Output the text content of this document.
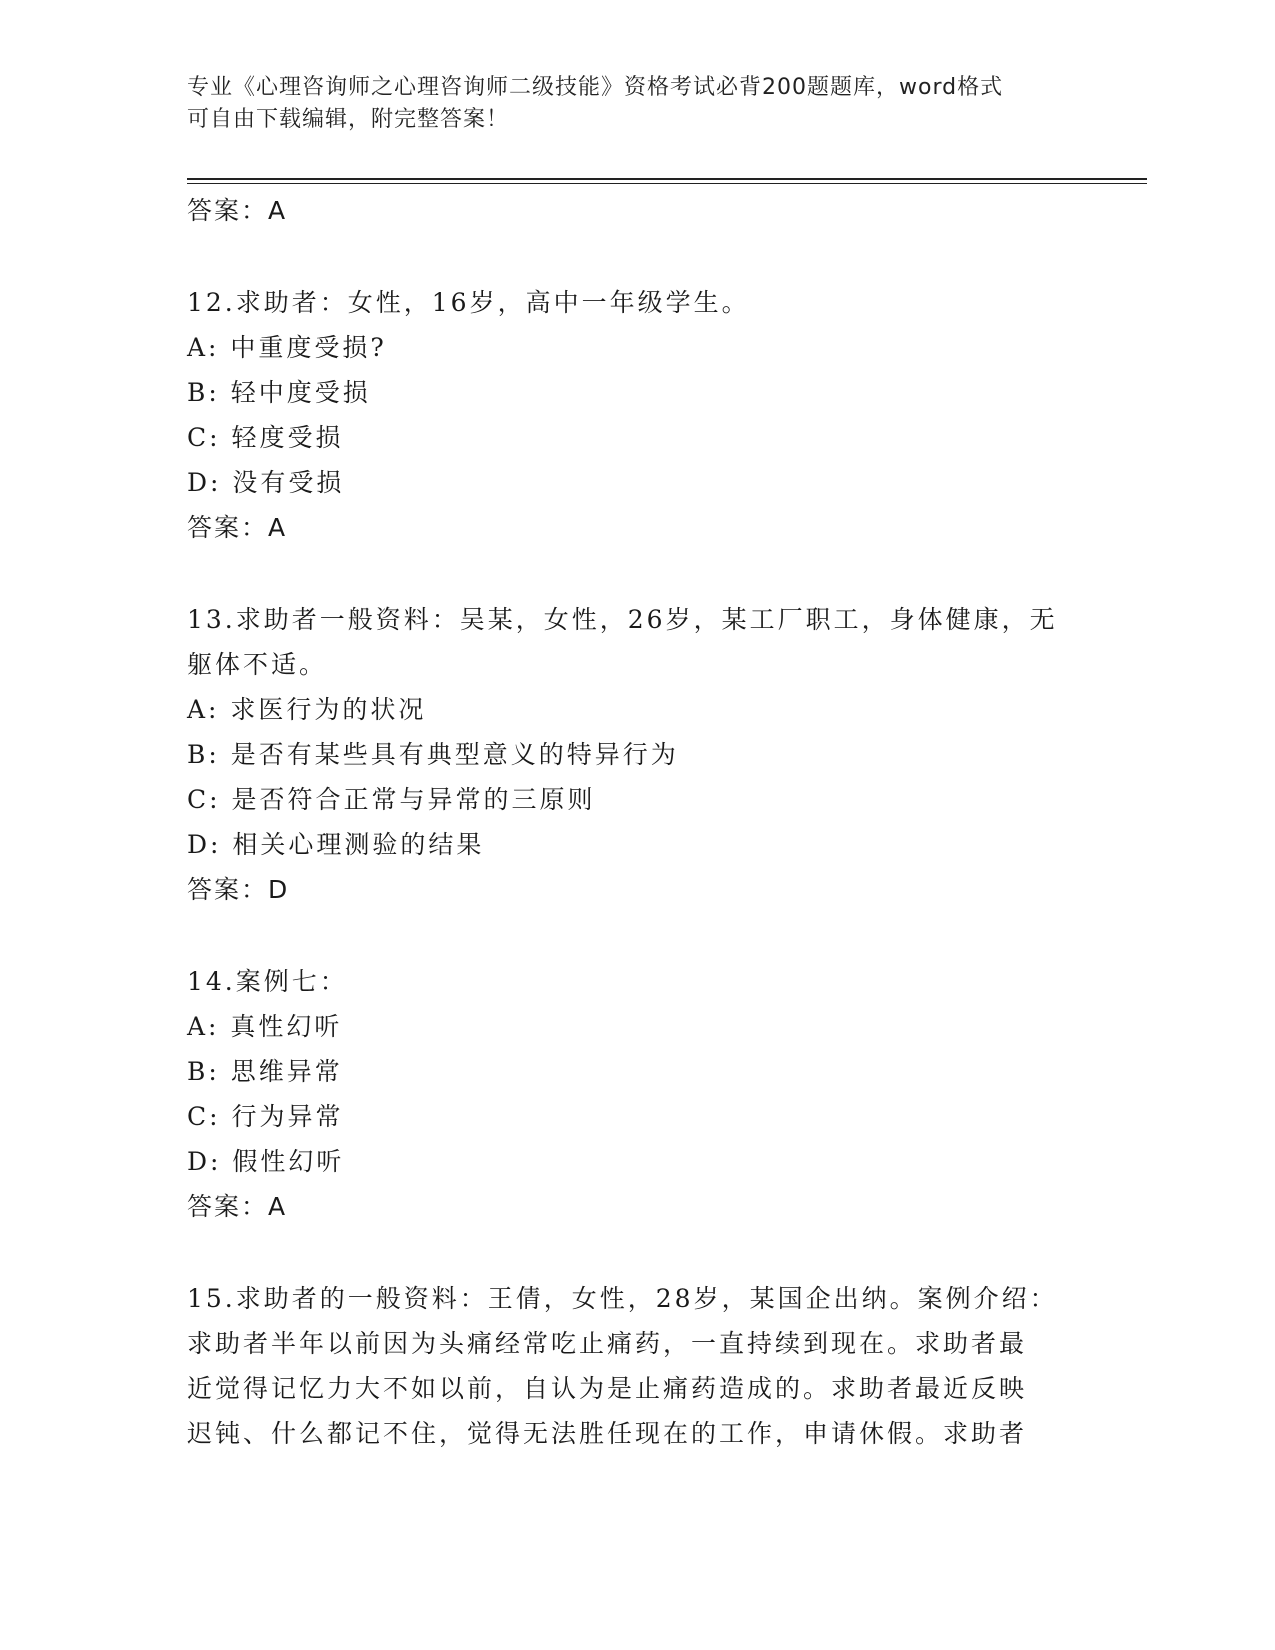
专业《心理咨询师之心理咨询师二级技能》资格考试必背200题题库，word格式
可自由下载编辑，附完整答案！
答案：A
12.求助者：女性，16岁，高中一年级学生。
A: 中重度受损?
B: 轻中度受损
C: 轻度受损
D: 没有受损
答案：A
13.求助者一般资料：吴某，女性，26岁，某工厂职工，身体健康，无
躯体不适。
A: 求医行为的状况
B: 是否有某些具有典型意义的特异行为
C: 是否符合正常与异常的三原则
D: 相关心理测验的结果
答案：D
14.案例七：
A: 真性幻听
B: 思维异常
C: 行为异常
D: 假性幻听
答案：A
15.求助者的一般资料：王倩，女性，28岁，某国企出纳。案例介绍：
求助者半年以前因为头痛经常吃止痛药，一直持续到现在。求助者最
近觉得记忆力大不如以前，自认为是止痛药造成的。求助者最近反映
迟钝、什么都记不住，觉得无法胜任现在的工作，申请休假。求助者
